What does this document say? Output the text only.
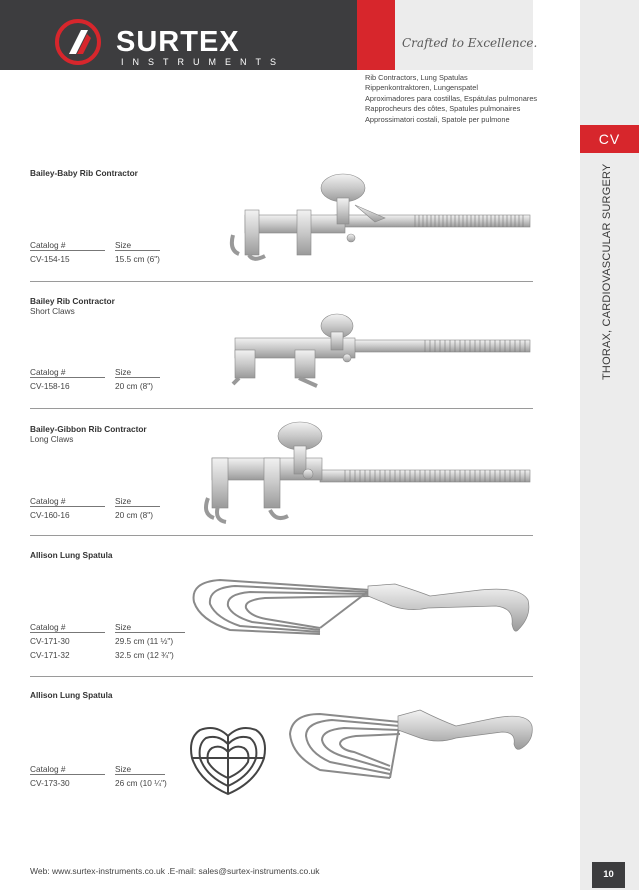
SURTEX
INSTRUMENTS
Crafted to Excellence.
Rib Contractors, Lung Spatulas
Rippenkontraktoren, Lungenspatel
Aproximadores para costillas, Espátulas pulmonares
Rapprocheurs des côtes, Spatules pulmonaires
Approssimatori costali, Spatole per pulmone
CV
THORAX, CARDIOVASCULAR SURGERY
Bailey-Baby Rib Contractor
Catalog #	Size
CV-154-15	15.5 cm (6")
Bailey Rib Contractor
Short Claws
Catalog #	Size
CV-158-16	20 cm (8")
Bailey-Gibbon Rib Contractor
Long Claws
Catalog #	Size
CV-160-16	20 cm (8")
Allison Lung Spatula
Catalog #	Size
CV-171-30	29.5 cm (11 ½")
CV-171-32	32.5 cm (12 ¾")
Allison Lung Spatula
Catalog #	Size
CV-173-30	26 cm (10 ¼")
Web: www.surtex-instruments.co.uk .E-mail: sales@surtex-instruments.co.uk	10
